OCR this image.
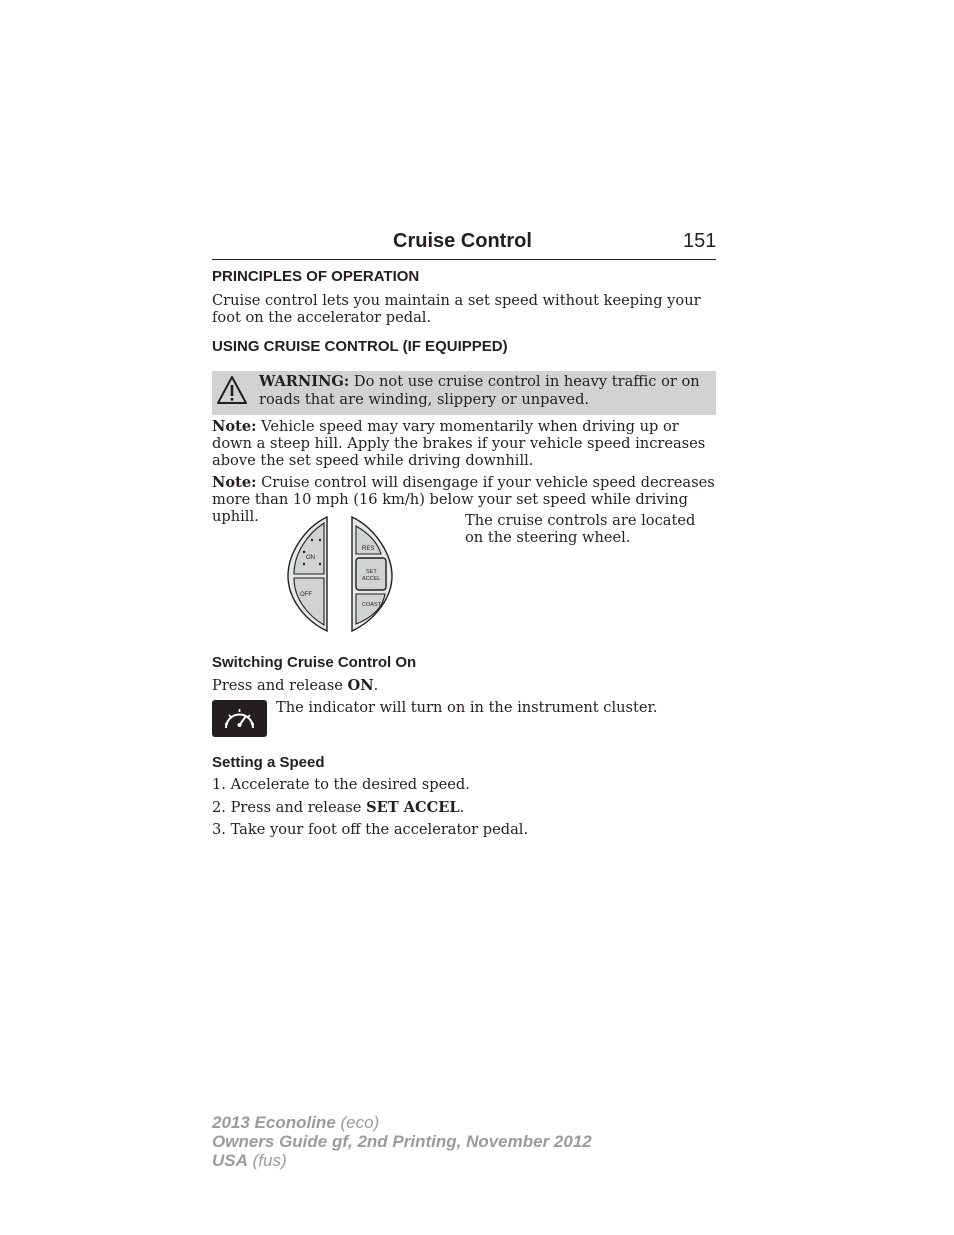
Cruise Control	151
PRINCIPLES OF OPERATION

Cruise control lets you maintain a set speed without keeping your foot on the accelerator pedal.

USING CRUISE CONTROL (IF EQUIPPED)
WARNING: Do not use cruise control in heavy traffic or on roads that are winding, slippery or unpaved.

Note: Vehicle speed may vary momentarily when driving up or down a steep hill. Apply the brakes if your vehicle speed increases above the set speed while driving downhill.

Note: Cruise control will disengage if your vehicle speed decreases more than 10 mph (16 km/h) below your set speed while driving uphill.

ON
OFF
RES
SET
ACCEL
COAST

The cruise controls are located on the steering wheel.

Switching Cruise Control On

Press and release ON.

The indicator will turn on in the instrument cluster.

Setting a Speed

1. Accelerate to the desired speed.

2. Press and release SET ACCEL.

3. Take your foot off the accelerator pedal.

2013 Econoline (eco)
Owners Guide gf, 2nd Printing, November 2012
USA (fus)
